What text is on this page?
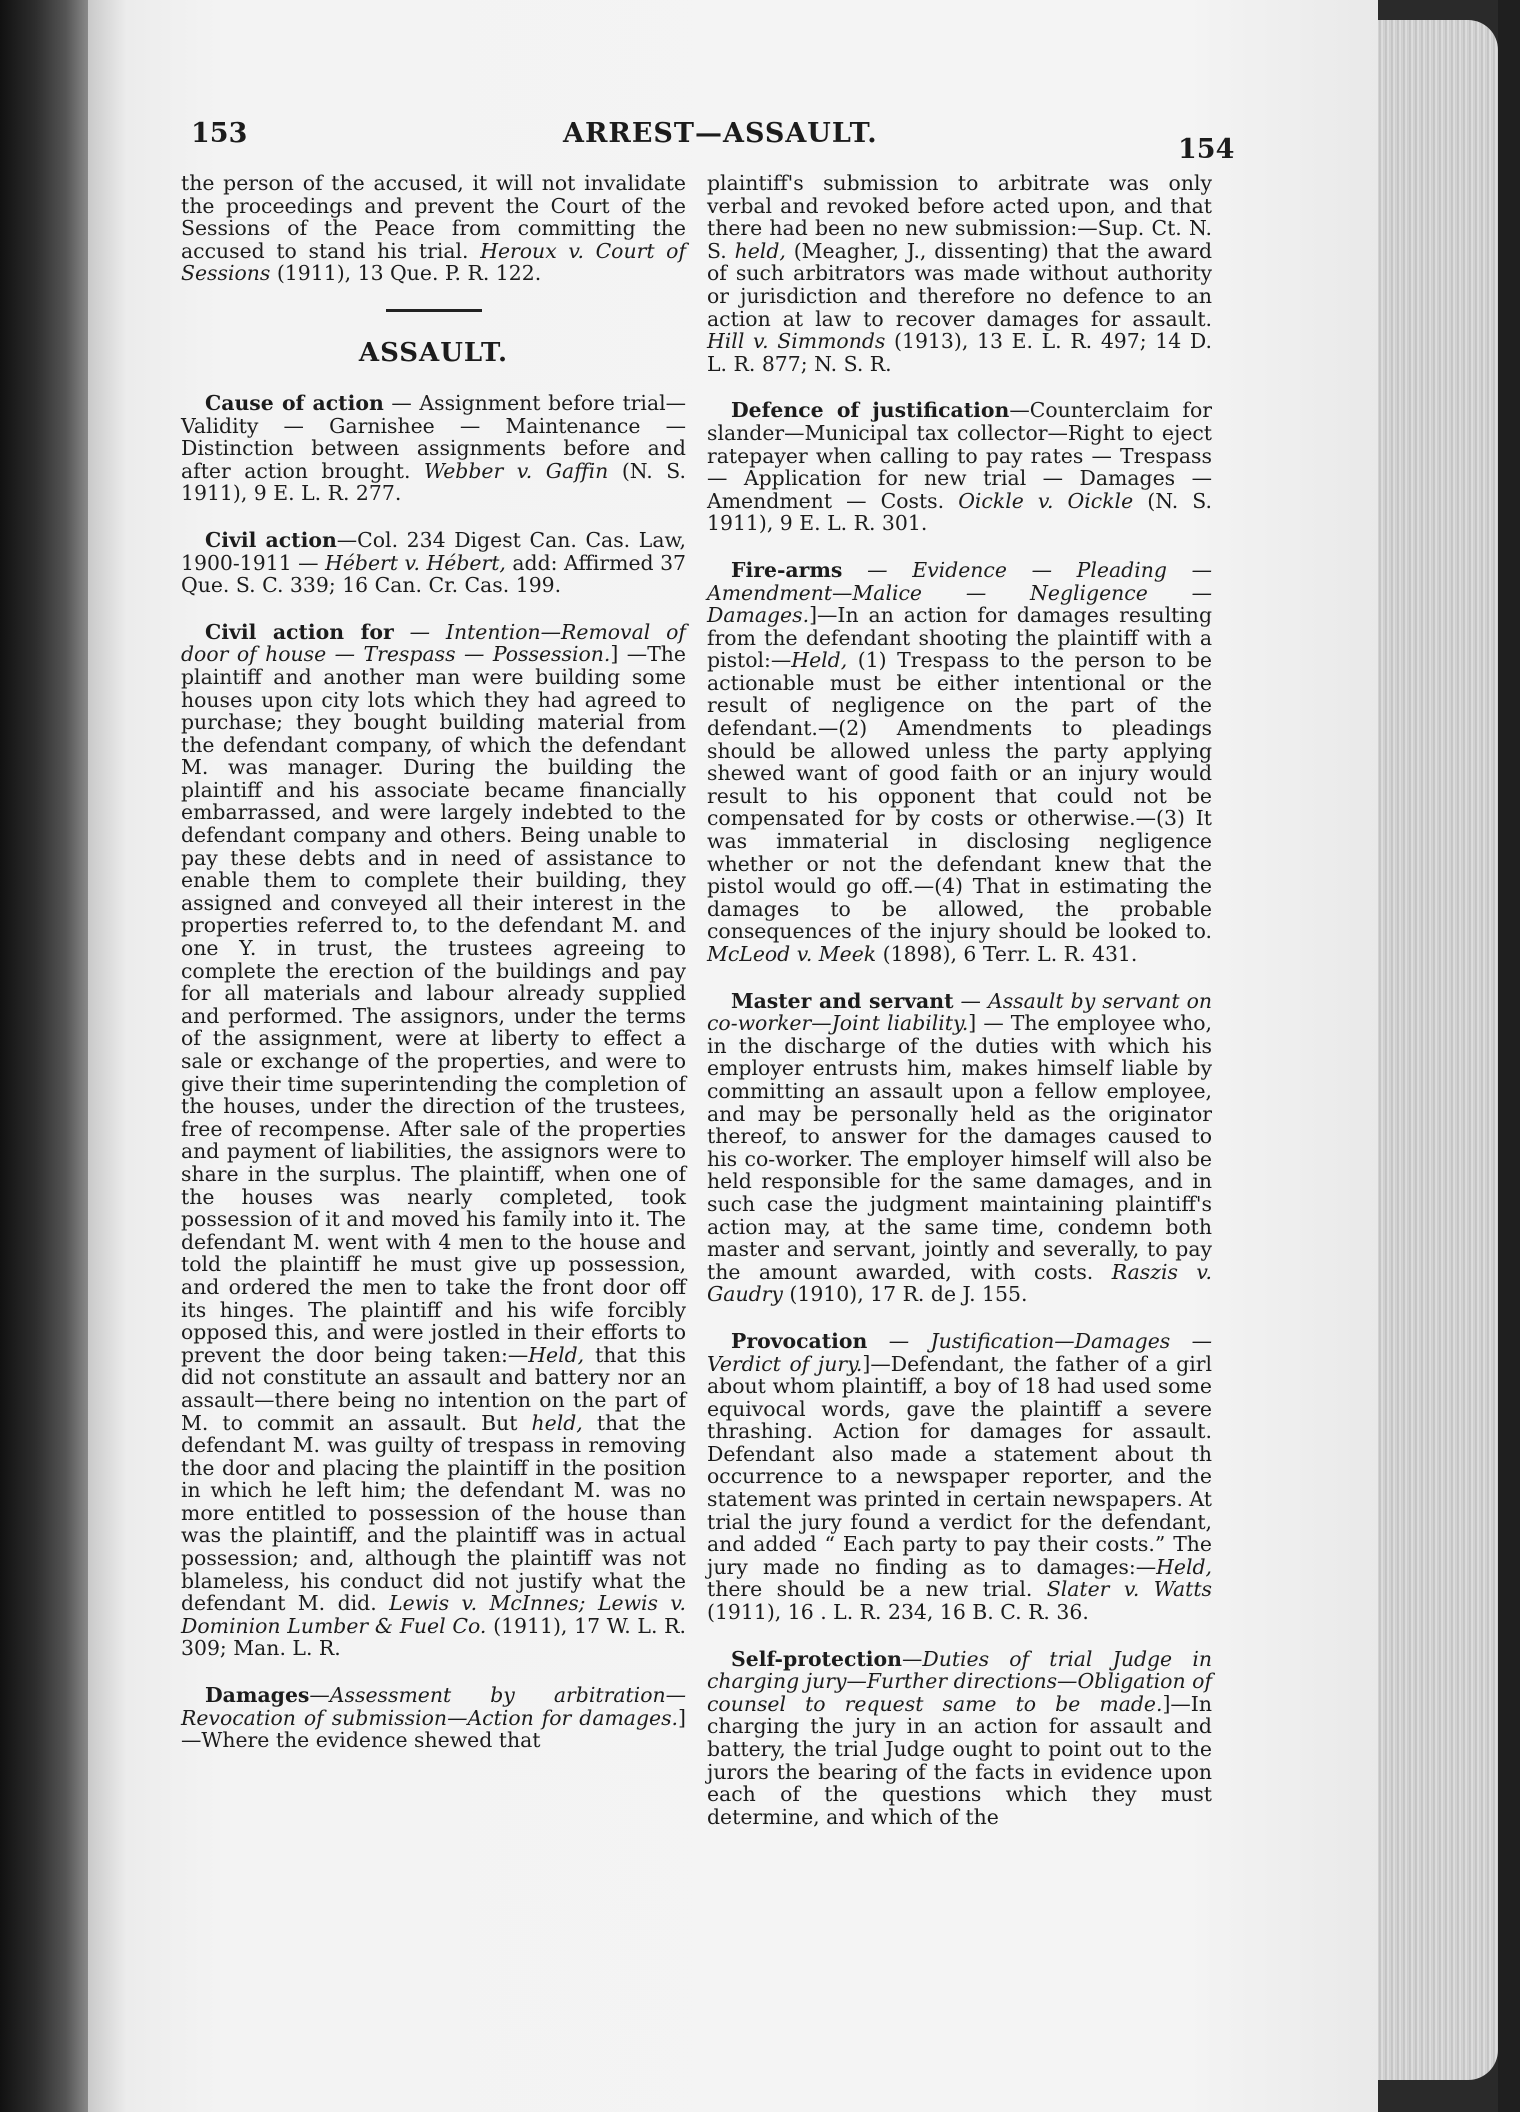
153	ARREST—ASSAULT.
154

the person of the accused, it will not invalidate the proceedings and prevent the Court of the Sessions of the Peace from committing the accused to stand his trial. Heroux v. Court of Sessions (1911), 13 Que. P. R. 122.

ASSAULT.

Cause of action — Assignment before trial—Validity — Garnishee — Maintenance —Distinction between assignments before and after action brought. Webber v. Gaffin (N. S. 1911), 9 E. L. R. 277.

Civil action—Col. 234 Digest Can. Cas. Law, 1900-1911 — Hébert v. Hébert, add: Affirmed 37 Que. S. C. 339; 16 Can. Cr. Cas. 199.

Civil action for — Intention—Removal of door of house — Trespass — Possession.] —The plaintiff and another man were building some houses upon city lots which they had agreed to purchase; they bought building material from the defendant company, of which the defendant M. was manager. During the building the plaintiff and his associate became financially embarrassed, and were largely indebted to the defendant company and others. Being unable to pay these debts and in need of assistance to enable them to complete their building, they assigned and conveyed all their interest in the properties referred to, to the defendant M. and one Y. in trust, the trustees agreeing to complete the erection of the buildings and pay for all materials and labour already supplied and performed. The assignors, under the terms of the assignment, were at liberty to effect a sale or exchange of the properties, and were to give their time superintending the completion of the houses, under the direction of the trustees, free of recompense. After sale of the properties and payment of liabilities, the assignors were to share in the surplus. The plaintiff, when one of the houses was nearly completed, took possession of it and moved his family into it. The defendant M. went with 4 men to the house and told the plaintiff he must give up possession, and ordered the men to take the front door off its hinges. The plaintiff and his wife forcibly opposed this, and were jostled in their efforts to prevent the door being taken:—Held, that this did not constitute an assault and battery nor an assault—there being no intention on the part of M. to commit an assault. But held, that the defendant M. was guilty of trespass in removing the door and placing the plaintiff in the position in which he left him; the defendant M. was no more entitled to possession of the house than was the plaintiff, and the plaintiff was in actual possession; and, although the plaintiff was not blameless, his conduct did not justify what the defendant M. did. Lewis v. McInnes; Lewis v. Dominion Lumber & Fuel Co. (1911), 17 W. L. R. 309; Man. L. R.

Damages—Assessment by arbitration—Revocation of submission—Action for damages.]—Where the evidence shewed that

plaintiff's submission to arbitrate was only verbal and revoked before acted upon, and that there had been no new submission:—Sup. Ct. N. S. held, (Meagher, J., dissenting) that the award of such arbitrators was made without authority or jurisdiction and therefore no defence to an action at law to recover damages for assault. Hill v. Simmonds (1913), 13 E. L. R. 497; 14 D. L. R. 877; N. S. R.

Defence of justification—Counterclaim for slander—Municipal tax collector—Right to eject ratepayer when calling to pay rates — Trespass — Application for new trial — Damages — Amendment — Costs. Oickle v. Oickle (N. S. 1911), 9 E. L. R. 301.

Fire-arms — Evidence — Pleading — Amendment—Malice — Negligence — Damages.]—In an action for damages resulting from the defendant shooting the plaintiff with a pistol:—Held, (1) Trespass to the person to be actionable must be either intentional or the result of negligence on the part of the defendant.—(2) Amendments to pleadings should be allowed unless the party applying shewed want of good faith or an injury would result to his opponent that could not be compensated for by costs or otherwise.—(3) It was immaterial in disclosing negligence whether or not the defendant knew that the pistol would go off.—(4) That in estimating the damages to be allowed, the probable consequences of the injury should be looked to. McLeod v. Meek (1898), 6 Terr. L. R. 431.

Master and servant — Assault by servant on co-worker—Joint liability.] — The employee who, in the discharge of the duties with which his employer entrusts him, makes himself liable by committing an assault upon a fellow employee, and may be personally held as the originator thereof, to answer for the damages caused to his co-worker. The employer himself will also be held responsible for the same damages, and in such case the judgment maintaining plaintiff's action may, at the same time, condemn both master and servant, jointly and severally, to pay the amount awarded, with costs. Raszis v. Gaudry (1910), 17 R. de J. 155.

Provocation — Justification—Damages —Verdict of jury.]—Defendant, the father of a girl about whom plaintiff, a boy of 18 had used some equivocal words, gave the plaintiff a severe thrashing. Action for damages for assault. Defendant also made a statement about th occurrence to a newspaper reporter, and the statement was printed in certain newspapers. At trial the jury found a verdict for the defendant, and added “ Each party to pay their costs.” The jury made no finding as to damages:—Held, there should be a new trial. Slater v. Watts (1911), 16 . L. R. 234, 16 B. C. R. 36.

Self-protection—Duties of trial Judge in charging jury—Further directions—Obligation of counsel to request same to be made.]—In charging the jury in an action for assault and battery, the trial Judge ought to point out to the jurors the bearing of the facts in evidence upon each of the questions which they must determine, and which of the
